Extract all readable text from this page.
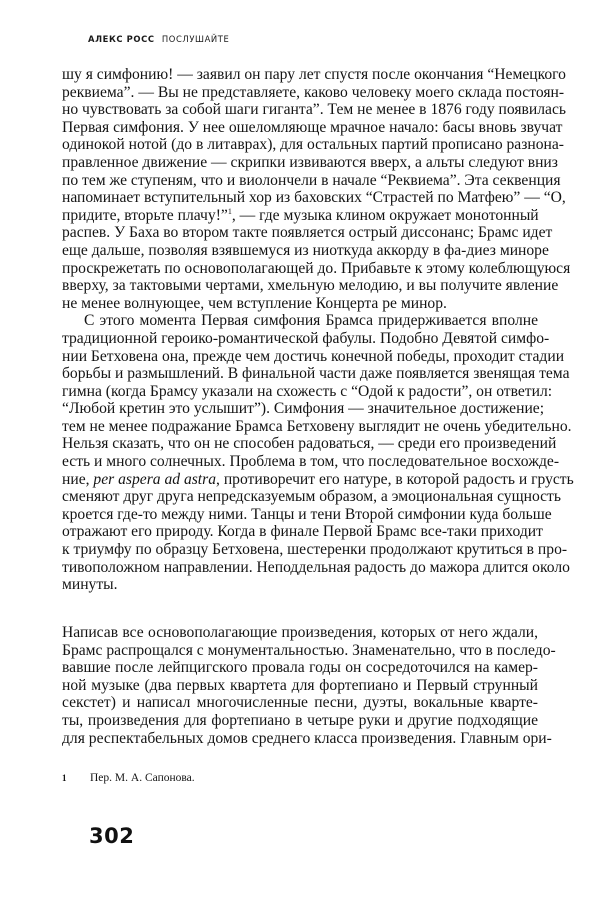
АЛЕКС РОСС ПОСЛУШАЙТЕ
шу я симфонию! — заявил он пару лет спустя после окончания “Немецкого
реквиема”. — Вы не представляете, каково человеку моего склада постоян-
но чувствовать за собой шаги гиганта”. Тем не менее в 1876 году появилась
Первая симфония. У нее ошеломляюще мрачное начало: басы вновь звучат
одинокой нотой (до в литаврах), для остальных партий прописано разнона-
правленное движение — скрипки извиваются вверх, а альты следуют вниз
по тем же ступеням, что и виолончели в начале “Реквиема”. Эта секвенция
напоминает вступительный хор из баховских “Страстей по Матфею” — “О,
придите, вторьте плачу!”$^1$, — где музыка клином окружает монотонный
распев. У Баха во втором такте появляется острый диссонанс; Брамс идет
еще дальше, позволяя взявшемуся из ниоткуда аккорду в фа-диез миноре
проскрежетать по основополагающей до. Прибавьте к этому колеблющуюся
вверху, за тактовыми чертами, хмельную мелодию, и вы получите явление
не менее волнующее, чем вступление Концерта ре минор.
С этого момента Первая симфония Брамса придерживается вполне
традиционной героико-романтической фабулы. Подобно Девятой симфо-
нии Бетховена она, прежде чем достичь конечной победы, проходит стадии
борьбы и размышлений. В финальной части даже появляется звенящая тема
гимна (когда Брамсу указали на схожесть с “Одой к радости”, он ответил:
“Любой кретин это услышит”). Симфония — значительное достижение;
тем не менее подражание Брамса Бетховену выглядит не очень убедительно.
Нельзя сказать, что он не способен радоваться, — среди его произведений
есть и много солнечных. Проблема в том, что последовательное восхожде-
ние, per aspera ad astra, противоречит его натуре, в которой радость и грусть
сменяют друг друга непредсказуемым образом, а эмоциональная сущность
кроется где-то между ними. Танцы и тени Второй симфонии куда больше
отражают его природу. Когда в финале Первой Брамс все-таки приходит
к триумфу по образцу Бетховена, шестеренки продолжают крутиться в про-
тивоположном направлении. Неподдельная радость до мажора длится около
минуты.
Написав все основополагающие произведения, которых от него ждали,
Брамс распрощался с монументальностью. Знаменательно, что в последо-
вавшие после лейпцигского провала годы он сосредоточился на камер-
ной музыке (два первых квартета для фортепиано и Первый струнный
секстет) и написал многочисленные песни, дуэты, вокальные кварте-
ты, произведения для фортепиано в четыре руки и другие подходящие
для респектабельных домов среднего класса произведения. Главным ори-
1 Пер. М. А. Сапонова.
302
